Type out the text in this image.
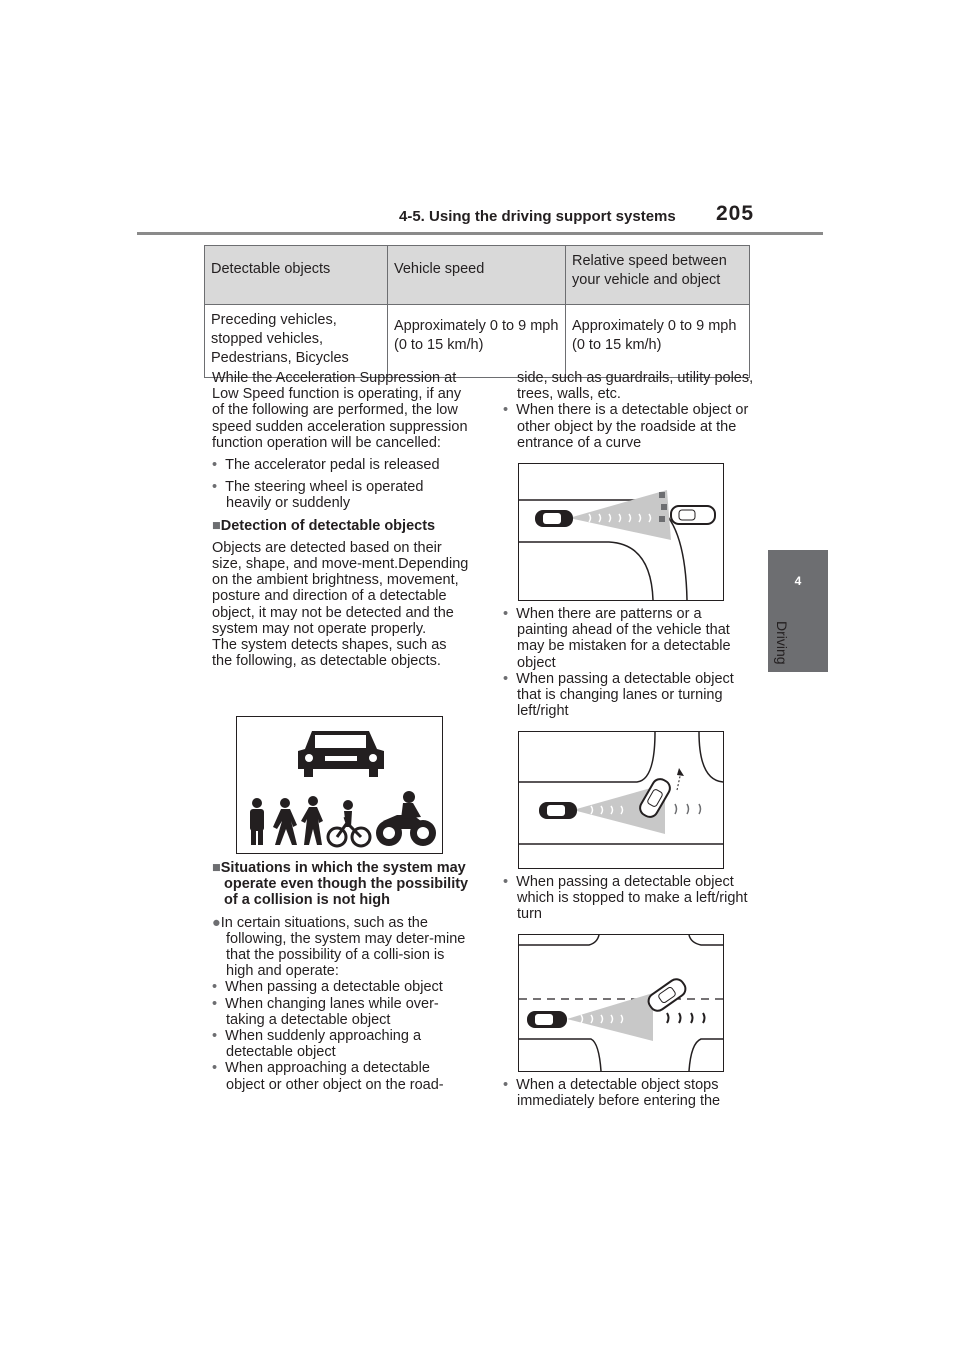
4-5. Using the driving support systems 205
4
Driving
Detectable objects	Vehicle speed	Relative speed between your vehicle and object
Preceding vehicles, stopped vehicles, Pedestrians, Bicycles	Approximately 0 to 9 mph (0 to 15 km/h)	Approximately 0 to 9 mph (0 to 15 km/h)

While the Acceleration Suppression at Low Speed function is operating, if any of the following are performed, the low speed sudden acceleration suppression function operation will be cancelled:

• The accelerator pedal is released

• The steering wheel is operated heavily or suddenly

■Detection of detectable objects

Objects are detected based on their size, shape, and move-ment.Depending on the ambient brightness, movement, posture and direction of a detectable object, it may not be detected and the system may not operate properly.

The system detects shapes, such as the following, as detectable objects.

■Situations in which the system may operate even though the possibility of a collision is not high

●In certain situations, such as the following, the system may deter-mine that the possibility of a colli-sion is high and operate:

• When passing a detectable object

• When changing lanes while over-taking a detectable object

• When suddenly approaching a detectable object

• When approaching a detectable object or other object on the road-

side, such as guardrails, utility poles, trees, walls, etc.

• When there is a detectable object or other object by the roadside at the entrance of a curve

• When there are patterns or a painting ahead of the vehicle that may be mistaken for a detectable object

• When passing a detectable object that is changing lanes or turning left/right

• When passing a detectable object which is stopped to make a left/right turn

• When a detectable object stops immediately before entering the
